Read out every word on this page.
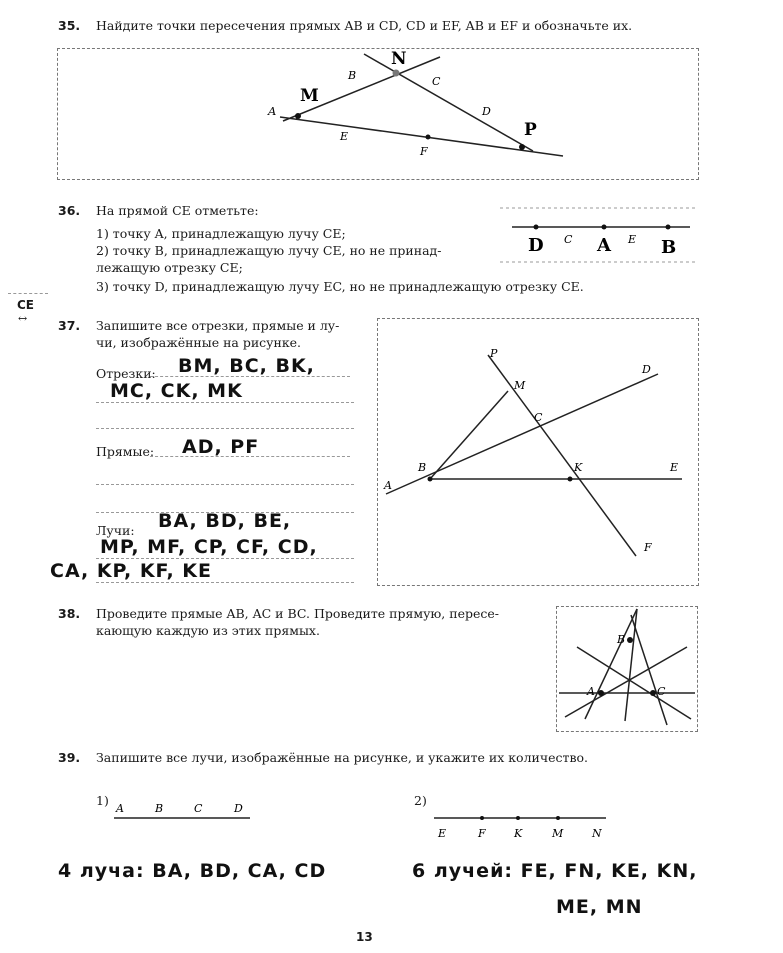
35. Найдите точки пересечения прямых AB и CD, CD и EF, AB и EF и обозначьте их.
A
B	C
D
E
F
M
N
P
36. На прямой CE отметьте:
1) точку A, принадлежащую лучу CE;
2) точку B, принадлежащую лучу CE, но не принад-
лежащую отрезку CE;
3) точку D, принадлежащую лучу EC, но не принадлежащую отрезку CE.
C	E
D	A	B
CE
↔ 37. Запишите все отрезки, прямые и лу-
чи, изображённые на рисунке.
Отрезки: BM, BC, BK,
MC, CK, MK
Прямые: AD, PF
Лучи: BA, BD, BE,
MP, MF, CP, CF, CD,
CA, KP, KF, KE
P
M
D
C
B	K	E
A
F
38. Проведите прямые AB, AC и BC. Проведите прямую, пересе-
кающую каждую из этих прямых.
B
A	C
39. Запишите все лучи, изображённые на рисунке, и укажите их количество.
1)
A	B	C	D
2)
E	F	K	M	N
4 луча: BA, BD, CA, CD	6 лучей: FE, FN, KE, KN,
ME, MN
13
